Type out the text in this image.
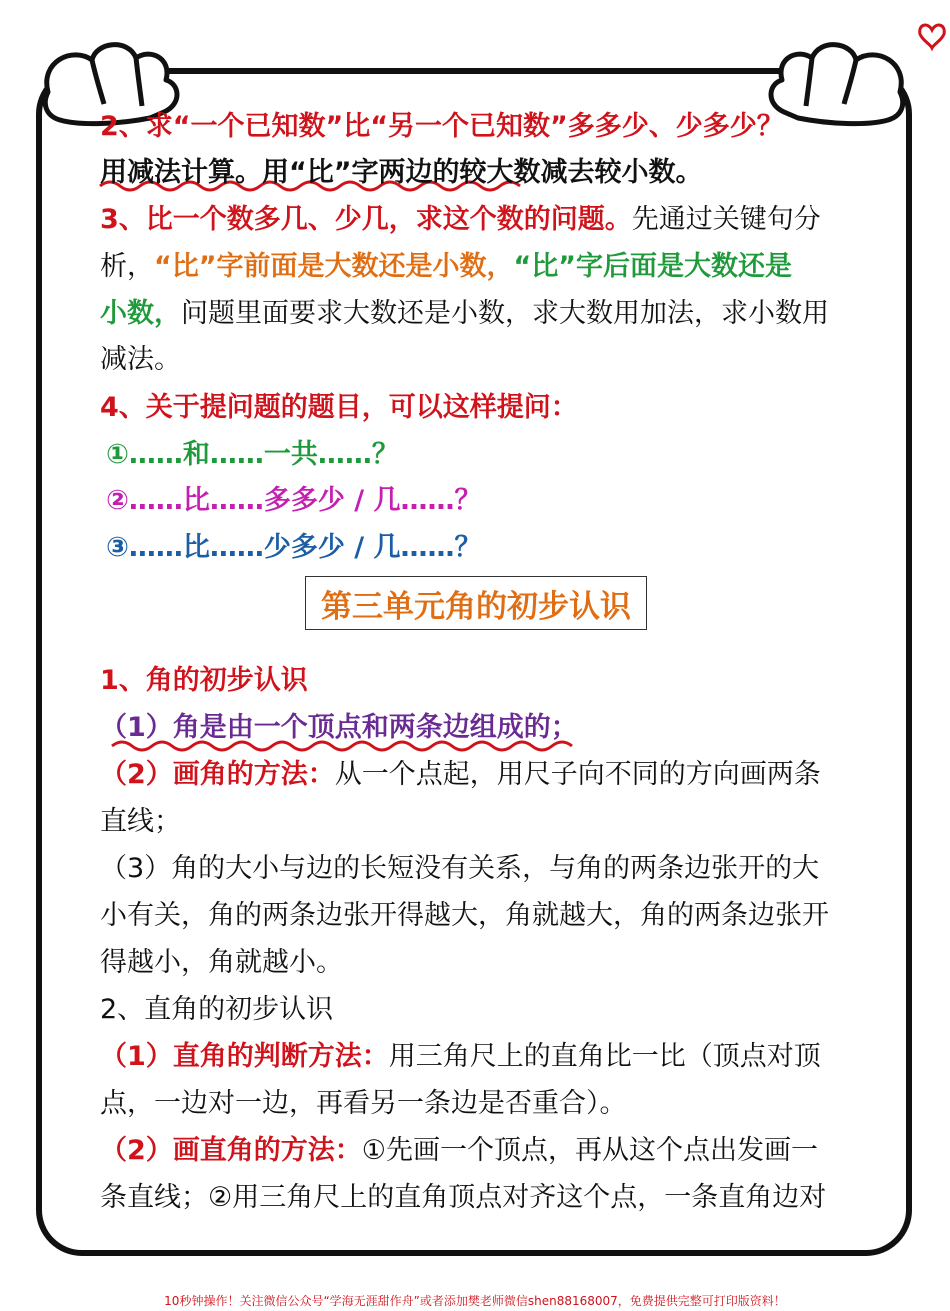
2、求“一个已知数”比“另一个已知数”多多少、少多少？
用减法计算。用“比”字两边的较大数减去较小数。
3、比一个数多几、少几，求这个数的问题。先通过关键句分
析，“比”字前面是大数还是小数，“比”字后面是大数还是
小数，问题里面要求大数还是小数，求大数用加法，求小数用
减法。
4、关于提问题的题目，可以这样提问：
①……和……一共……？
②……比……多多少 / 几……？
③……比……少多少 / 几……？
第三单元角的初步认识
1、角的初步认识
（1）角是由一个顶点和两条边组成的；
（2）画角的方法：从一个点起，用尺子向不同的方向画两条
直线；
（3）角的大小与边的长短没有关系，与角的两条边张开的大
小有关，角的两条边张开得越大，角就越大，角的两条边张开
得越小，角就越小。
2、直角的初步认识
（1）直角的判断方法：用三角尺上的直角比一比（顶点对顶
点，一边对一边，再看另一条边是否重合）。
（2）画直角的方法：①先画一个顶点，再从这个点出发画一
条直线；②用三角尺上的直角顶点对齐这个点，一条直角边对
10秒钟操作！关注微信公众号“学海无涯甜作舟”或者添加樊老师微信shen88168007，免费提供完整可打印版资料！
